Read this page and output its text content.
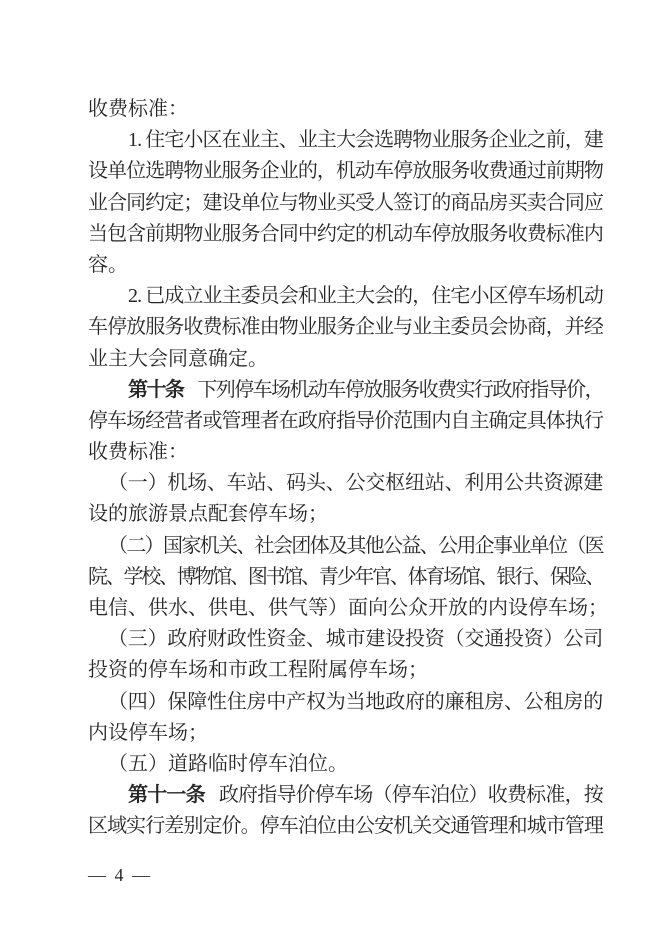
收费标准：
1. 住宅小区在业主、业主大会选聘物业服务企业之前，建
设单位选聘物业服务企业的，机动车停放服务收费通过前期物
业合同约定；建设单位与物业买受人签订的商品房买卖合同应
当包含前期物业服务合同中约定的机动车停放服务收费标准内
容。
2. 已成立业主委员会和业主大会的，住宅小区停车场机动
车停放服务收费标准由物业服务企业与业主委员会协商，并经
业主大会同意确定。
第十条 下列停车场机动车停放服务收费实行政府指导价，
停车场经营者或管理者在政府指导价范围内自主确定具体执行
收费标准：
（一）机场、车站、码头、公交枢纽站、利用公共资源建
设的旅游景点配套停车场；
（二）国家机关、社会团体及其他公益、公用企事业单位（医
院、学校、博物馆、图书馆、青少年官、体育场馆、银行、保险、
电信、供水、供电、供气等）面向公众开放的内设停车场；
（三）政府财政性资金、城市建设投资（交通投资）公司
投资的停车场和市政工程附属停车场；
（四）保障性住房中产权为当地政府的廉租房、公租房的
内设停车场；
（五）道路临时停车泊位。
第十一条 政府指导价停车场（停车泊位）收费标准，按
区域实行差别定价。停车泊位由公安机关交通管理和城市管理
— 4 —
